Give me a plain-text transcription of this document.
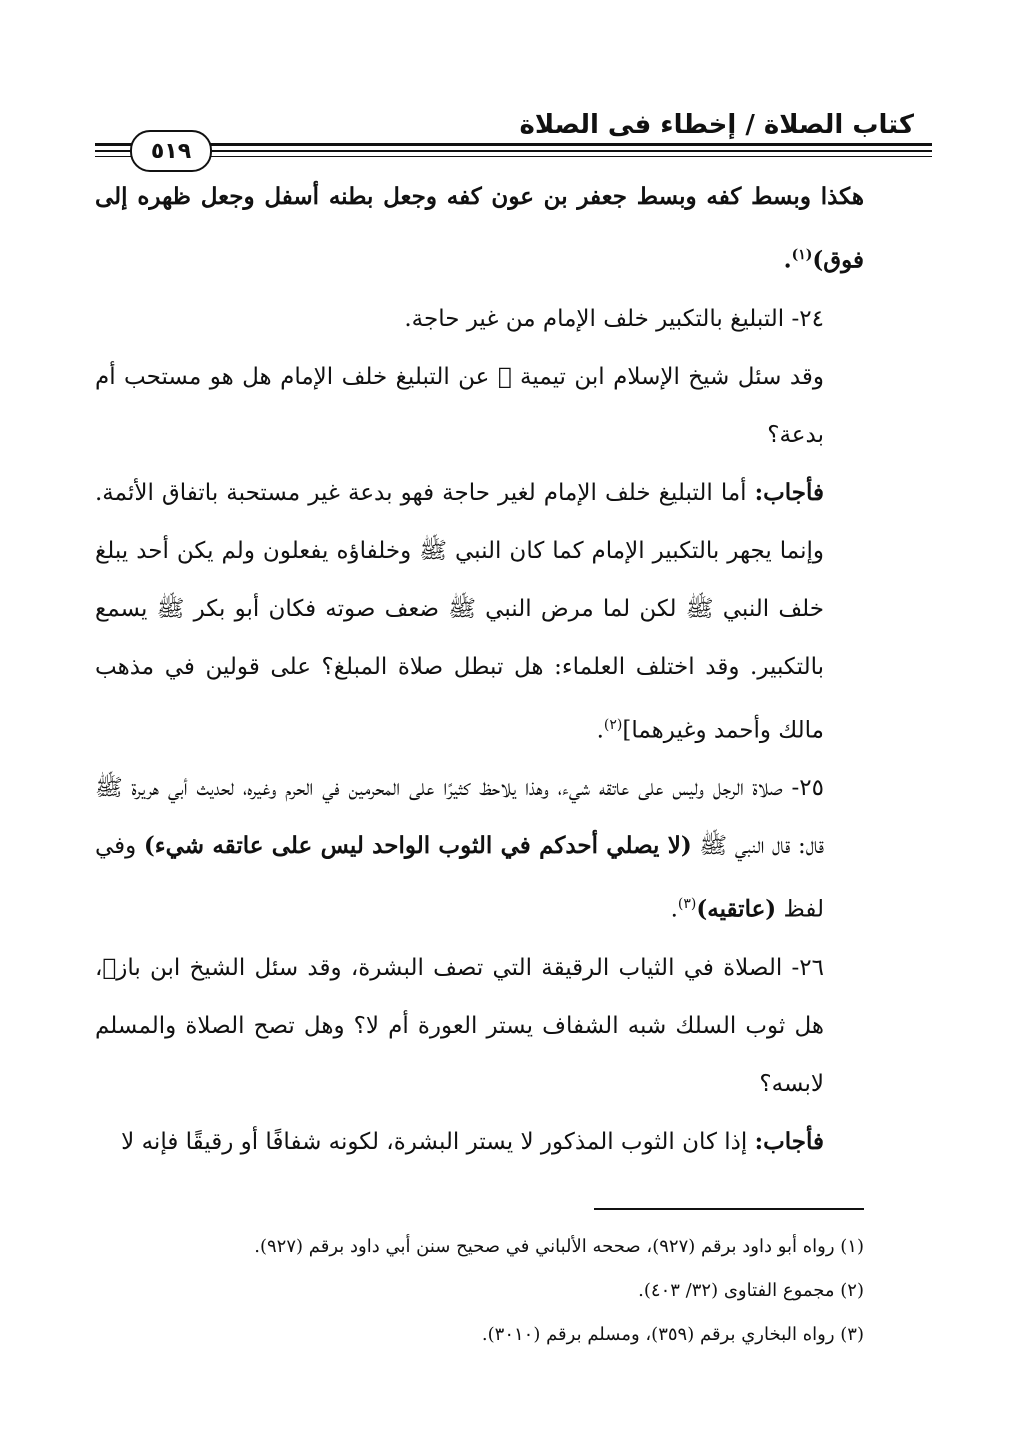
كتاب الصلاة / إخطاء فى الصلاة
٥١٩

هكذا وبسط كفه وبسط جعفر بن عون كفه وجعل بطنه أسفل وجعل ظهره إلى فوق)$^{(١)}$.

٢٤- التبليغ بالتكبير خلف الإمام من غير حاجة.

وقد سئل شيخ الإسلام ابن تيمية ﷫ عن التبليغ خلف الإمام هل هو مستحب أم بدعة؟

فأجاب: أما التبليغ خلف الإمام لغير حاجة فهو بدعة غير مستحبة باتفاق الأئمة. وإنما يجهر بالتكبير الإمام كما كان النبي ﷺ وخلفاؤه يفعلون ولم يكن أحد يبلغ خلف النبي ﷺ لكن لما مرض النبي ﷺ ضعف صوته فكان أبو بكر ﷺ يسمع بالتكبير. وقد اختلف العلماء: هل تبطل صلاة المبلغ؟ على قولين في مذهب مالك وأحمد وغيرهما]$^{(٢)}$.

٢٥- صلاة الرجل وليس على عاتقه شيء، وهذا يلاحظ كثيرًا على المحرمين في الحرم وغيره، لحديث أبي هريرة ﷺ قال: قال النبي ﷺ (لا يصلي أحدكم في الثوب الواحد ليس على عاتقه شيء) وفي لفظ (عاتقيه)$^{(٣)}$.

٢٦- الصلاة في الثياب الرقيقة التي تصف البشرة، وقد سئل الشيخ ابن باز﷫، هل ثوب السلك شبه الشفاف يستر العورة أم لا؟ وهل تصح الصلاة والمسلم لابسه؟

فأجاب: إذا كان الثوب المذكور لا يستر البشرة، لكونه شفافًا أو رقيقًا فإنه لا

(١) رواه أبو داود برقم (٩٢٧)، صححه الألباني في صحيح سنن أبي داود برقم (٩٢٧).

(٢) مجموع الفتاوى (٣٢/ ٤٠٣).

(٣) رواه البخاري برقم (٣٥٩)، ومسلم برقم (٣٠١٠).
